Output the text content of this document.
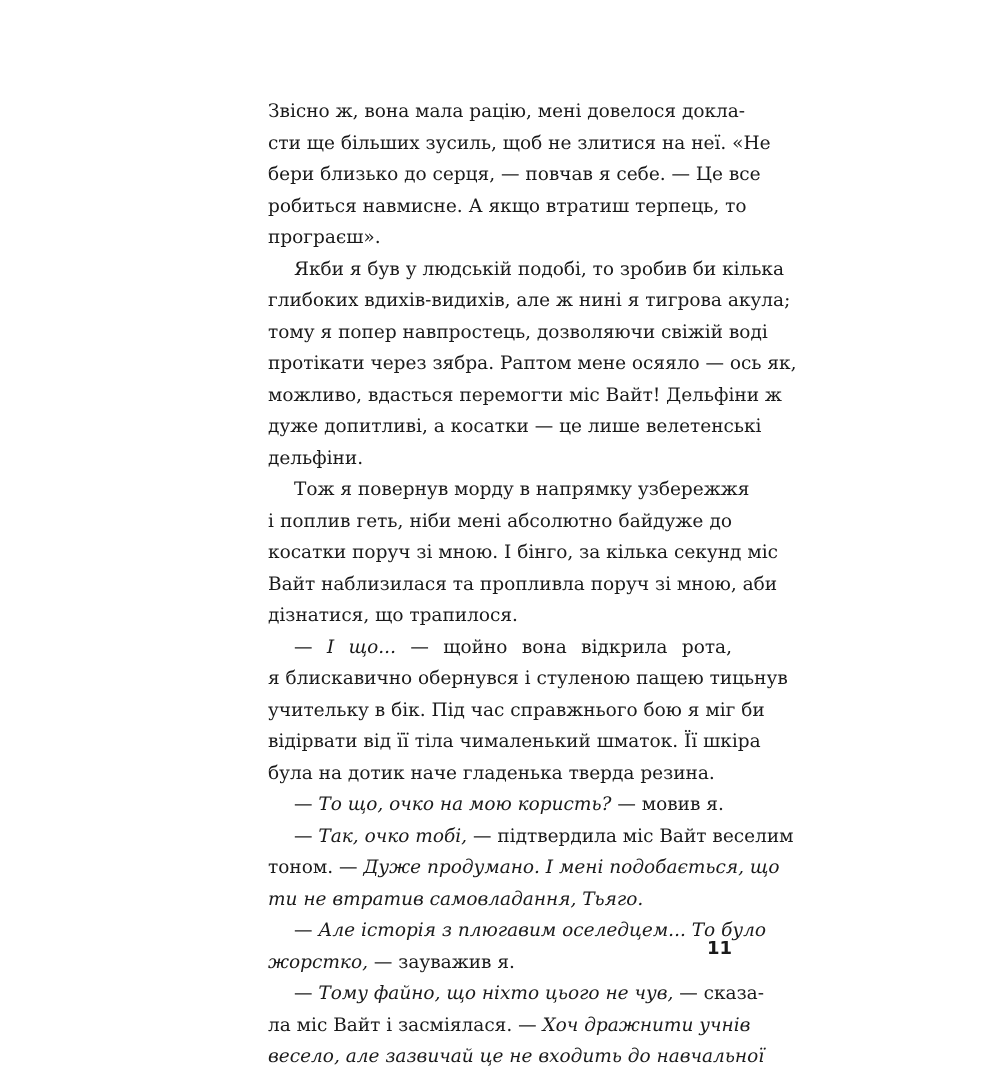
Звісно ж, вона мала рацію, мені довелося докла-
сти ще більших зусиль, щоб не злитися на неї. «Не
бери близько до серця, — повчав я себе. — Це все
робиться навмисне. А якщо втратиш терпець, то
програєш».
Якби я був у людській подобі, то зробив би кілька
глибоких вдихів-видихів, але ж нині я тигрова акула;
тому я попер навпростець, дозволяючи свіжій воді
протікати через зябра. Раптом мене осяяло — ось як,
можливо, вдасться перемогти міс Вайт! Дельфіни ж
дуже допитливі, а косатки — це лише велетенські
дельфіни.
Тож я повернув морду в напрямку узбережжя
і поплив геть, ніби мені абсолютно байдуже до
косатки поруч зі мною. І бінго, за кілька секунд міс
Вайт наблизилася та пропливла поруч зі мною, аби
дізнатися, що трапилося.
— І що... — щойно вона відкрила рота,
я блискавично обернувся і стуленою пащею тицьнув
учительку в бік. Під час справжнього бою я міг би
відірвати від її тіла чималенький шматок. Її шкіра
була на дотик наче гладенька тверда резина.
— То що, очко на мою користь? — мовив я.
— Так, очко тобі, — підтвердила міс Вайт веселим
тоном. — Дуже продумано. І мені подобається, що
ти не втратив самовладання, Тьяго.
— Але історія з плюгавим оселедцем... То було
жорстко, — зауважив я.
— Тому файно, що ніхто цього не чув, — сказа-
ла міс Вайт і засміялася. — Хоч дражнити учнів
весело, але зазвичай це не входить до навчальної
11
